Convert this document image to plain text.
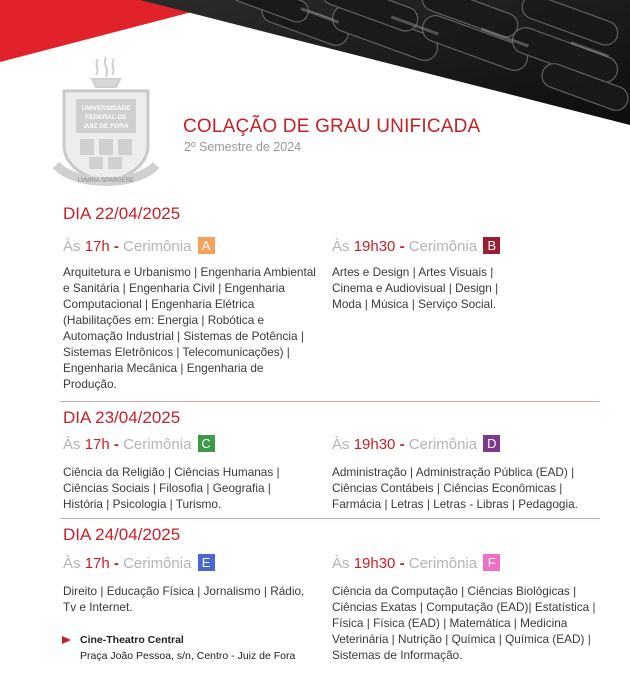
UNIVERSIDADE
FEDERAL DE
JUIZ DE FORA
LVMINA SPARGERE
COLAÇÃO DE GRAU UNIFICADA
2º Semestre de 2024
DIA 22/04/2025
Às 17h - Cerimônia A
Arquitetura e Urbanismo | Engenharia Ambiental e Sanitária | Engenharia Civil | Engenharia Computacional | Engenharia Elétrica (Habilitações em: Energia | Robótica e Automação Industrial | Sistemas de Potência | Sistemas Eletrônicos | Telecomunicações) | Engenharia Mecânica | Engenharia de Produção.
Às 19h30 - Cerimônia B
Artes e Design | Artes Visuais | Cinema e Audiovisual | Design | Moda | Música | Serviço Social.
DIA 23/04/2025
Às 17h - Cerimônia C
Ciência da Religião | Ciências Humanas | Ciências Sociais | Filosofia | Geografia | História | Psicologia | Turismo.
Às 19h30 - Cerimônia D
Administração | Administração Pública (EAD) | Ciências Contábeis | Ciências Econômicas | Farmácia | Letras | Letras - Libras | Pedagogia.
DIA 24/04/2025
Às 17h - Cerimônia E
Direito | Educação Física | Jornalismo | Rádio, Tv e Internet.
Às 19h30 - Cerimônia F
Ciência da Computação | Ciências Biológicas | Ciências Exatas | Computação (EAD)| Estatística | Física | Física (EAD) | Matemática | Medicina Veterinária | Nutrição | Química | Química (EAD) | Sistemas de Informação.
Cine-Theatro Central
Praça João Pessoa, s/n, Centro - Juiz de Fora
